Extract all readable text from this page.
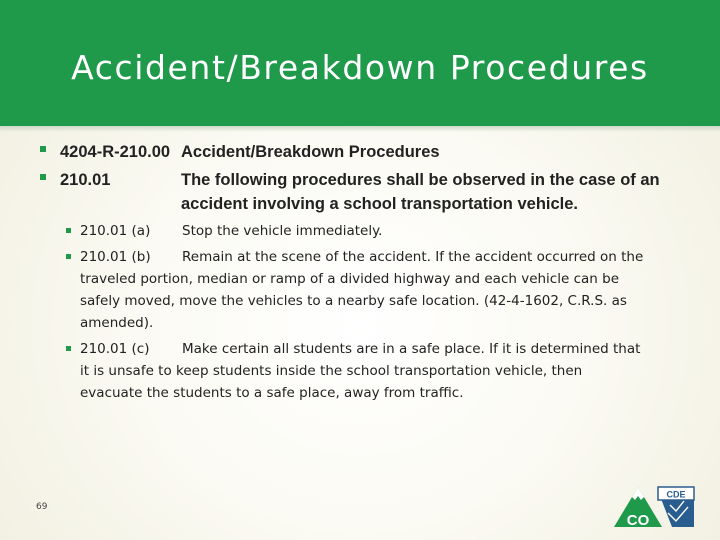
Accident/Breakdown Procedures
4204-R-210.00 Accident/Breakdown Procedures
210.01	The following procedures shall be observed in the case of an
accident involving a school transportation vehicle.
210.01 (a) Stop the vehicle immediately.
210.01 (b) Remain at the scene of the accident. If the accident occurred on the
traveled portion, median or ramp of a divided highway and each vehicle can be
safely moved, move the vehicles to a nearby safe location. (42-4-1602, C.R.S. as
amended).
210.01 (c) Make certain all students are in a safe place. If it is determined that
it is unsafe to keep students inside the school transportation vehicle, then
evacuate the students to a safe place, away from traffic.
69
CDE
CO
